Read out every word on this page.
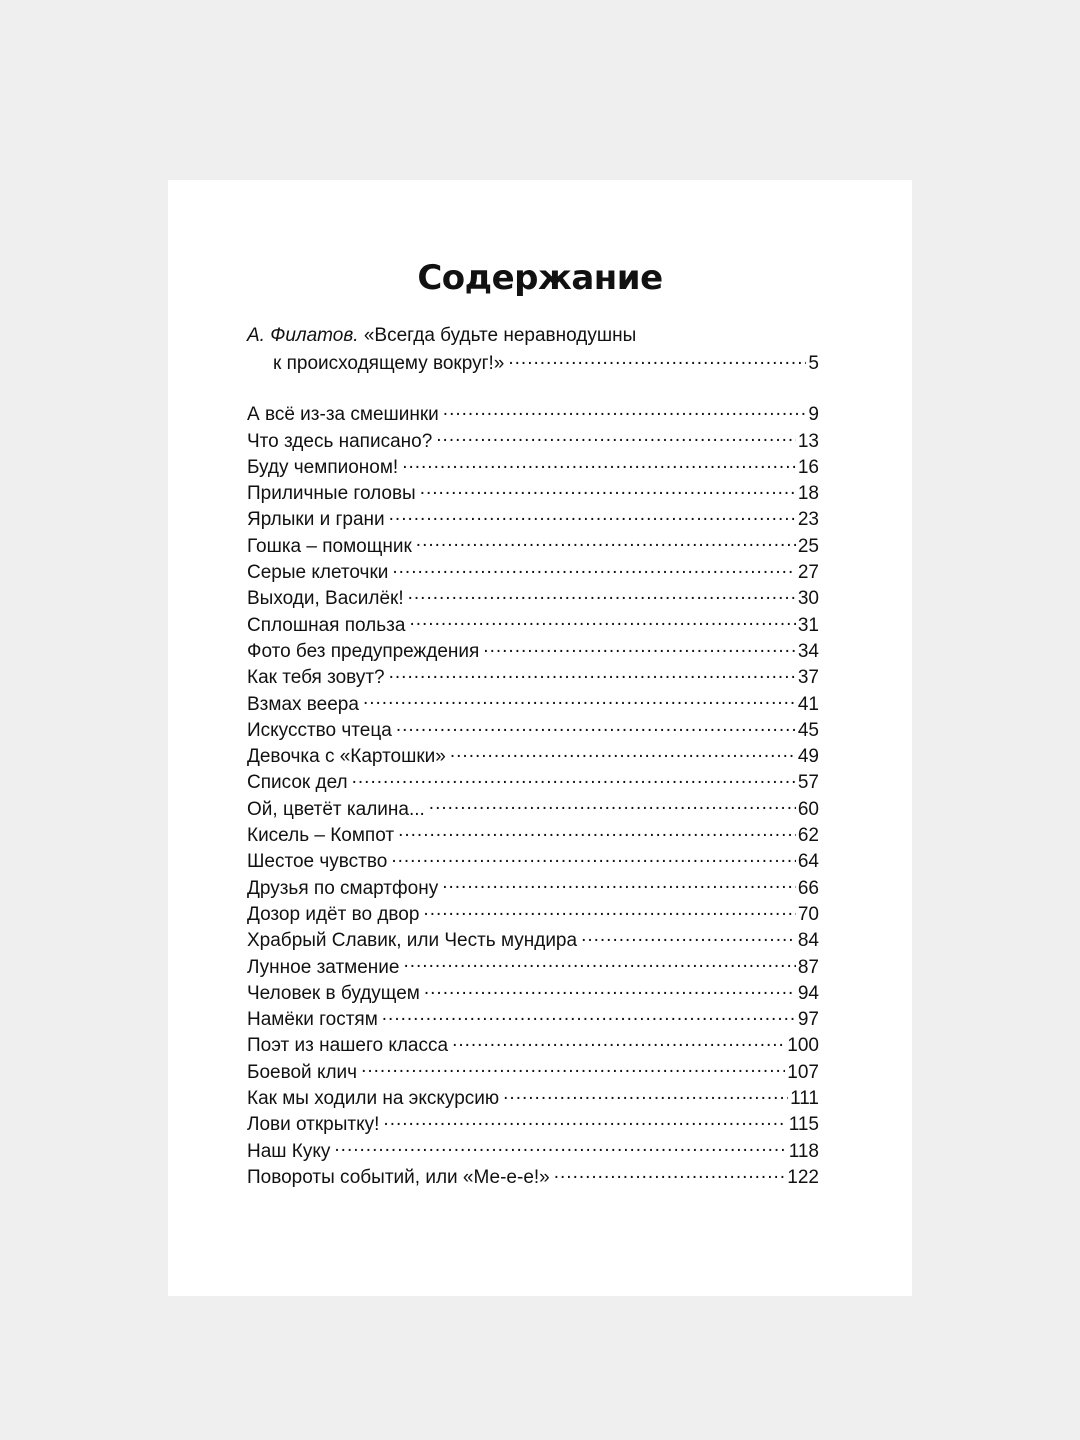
Содержание
А. Филатов. «Всегда будьте неравнодушны
к происходящему вокруг!» .....	5
А всё из-за смешинки .....	9
Что здесь написано? .....	13
Буду чемпионом! .....	16
Приличные головы .....	18
Ярлыки и грани .....	23
Гошка – помощник .....	25
Серые клеточки .....	27
Выходи, Василёк! .....	30
Сплошная польза .....	31
Фото без предупреждения .....	34
Как тебя зовут? .....	37
Взмах веера .....	41
Искусство чтеца .....	45
Девочка с «Картошки» .....	49
Список дел .....	57
Ой, цветёт калина... .....	60
Кисель – Компот .....	62
Шестое чувство .....	64
Друзья по смартфону .....	66
Дозор идёт во двор .....	70
Храбрый Славик, или Честь мундира .....	84
Лунное затмение .....	87
Человек в будущем .....	94
Намёки гостям .....	97
Поэт из нашего класса .....	100
Боевой клич .....	107
Как мы ходили на экскурсию .....	111
Лови открытку! .....	115
Наш Куку .....	118
Повороты событий, или «Ме-е-е!» .....	122
